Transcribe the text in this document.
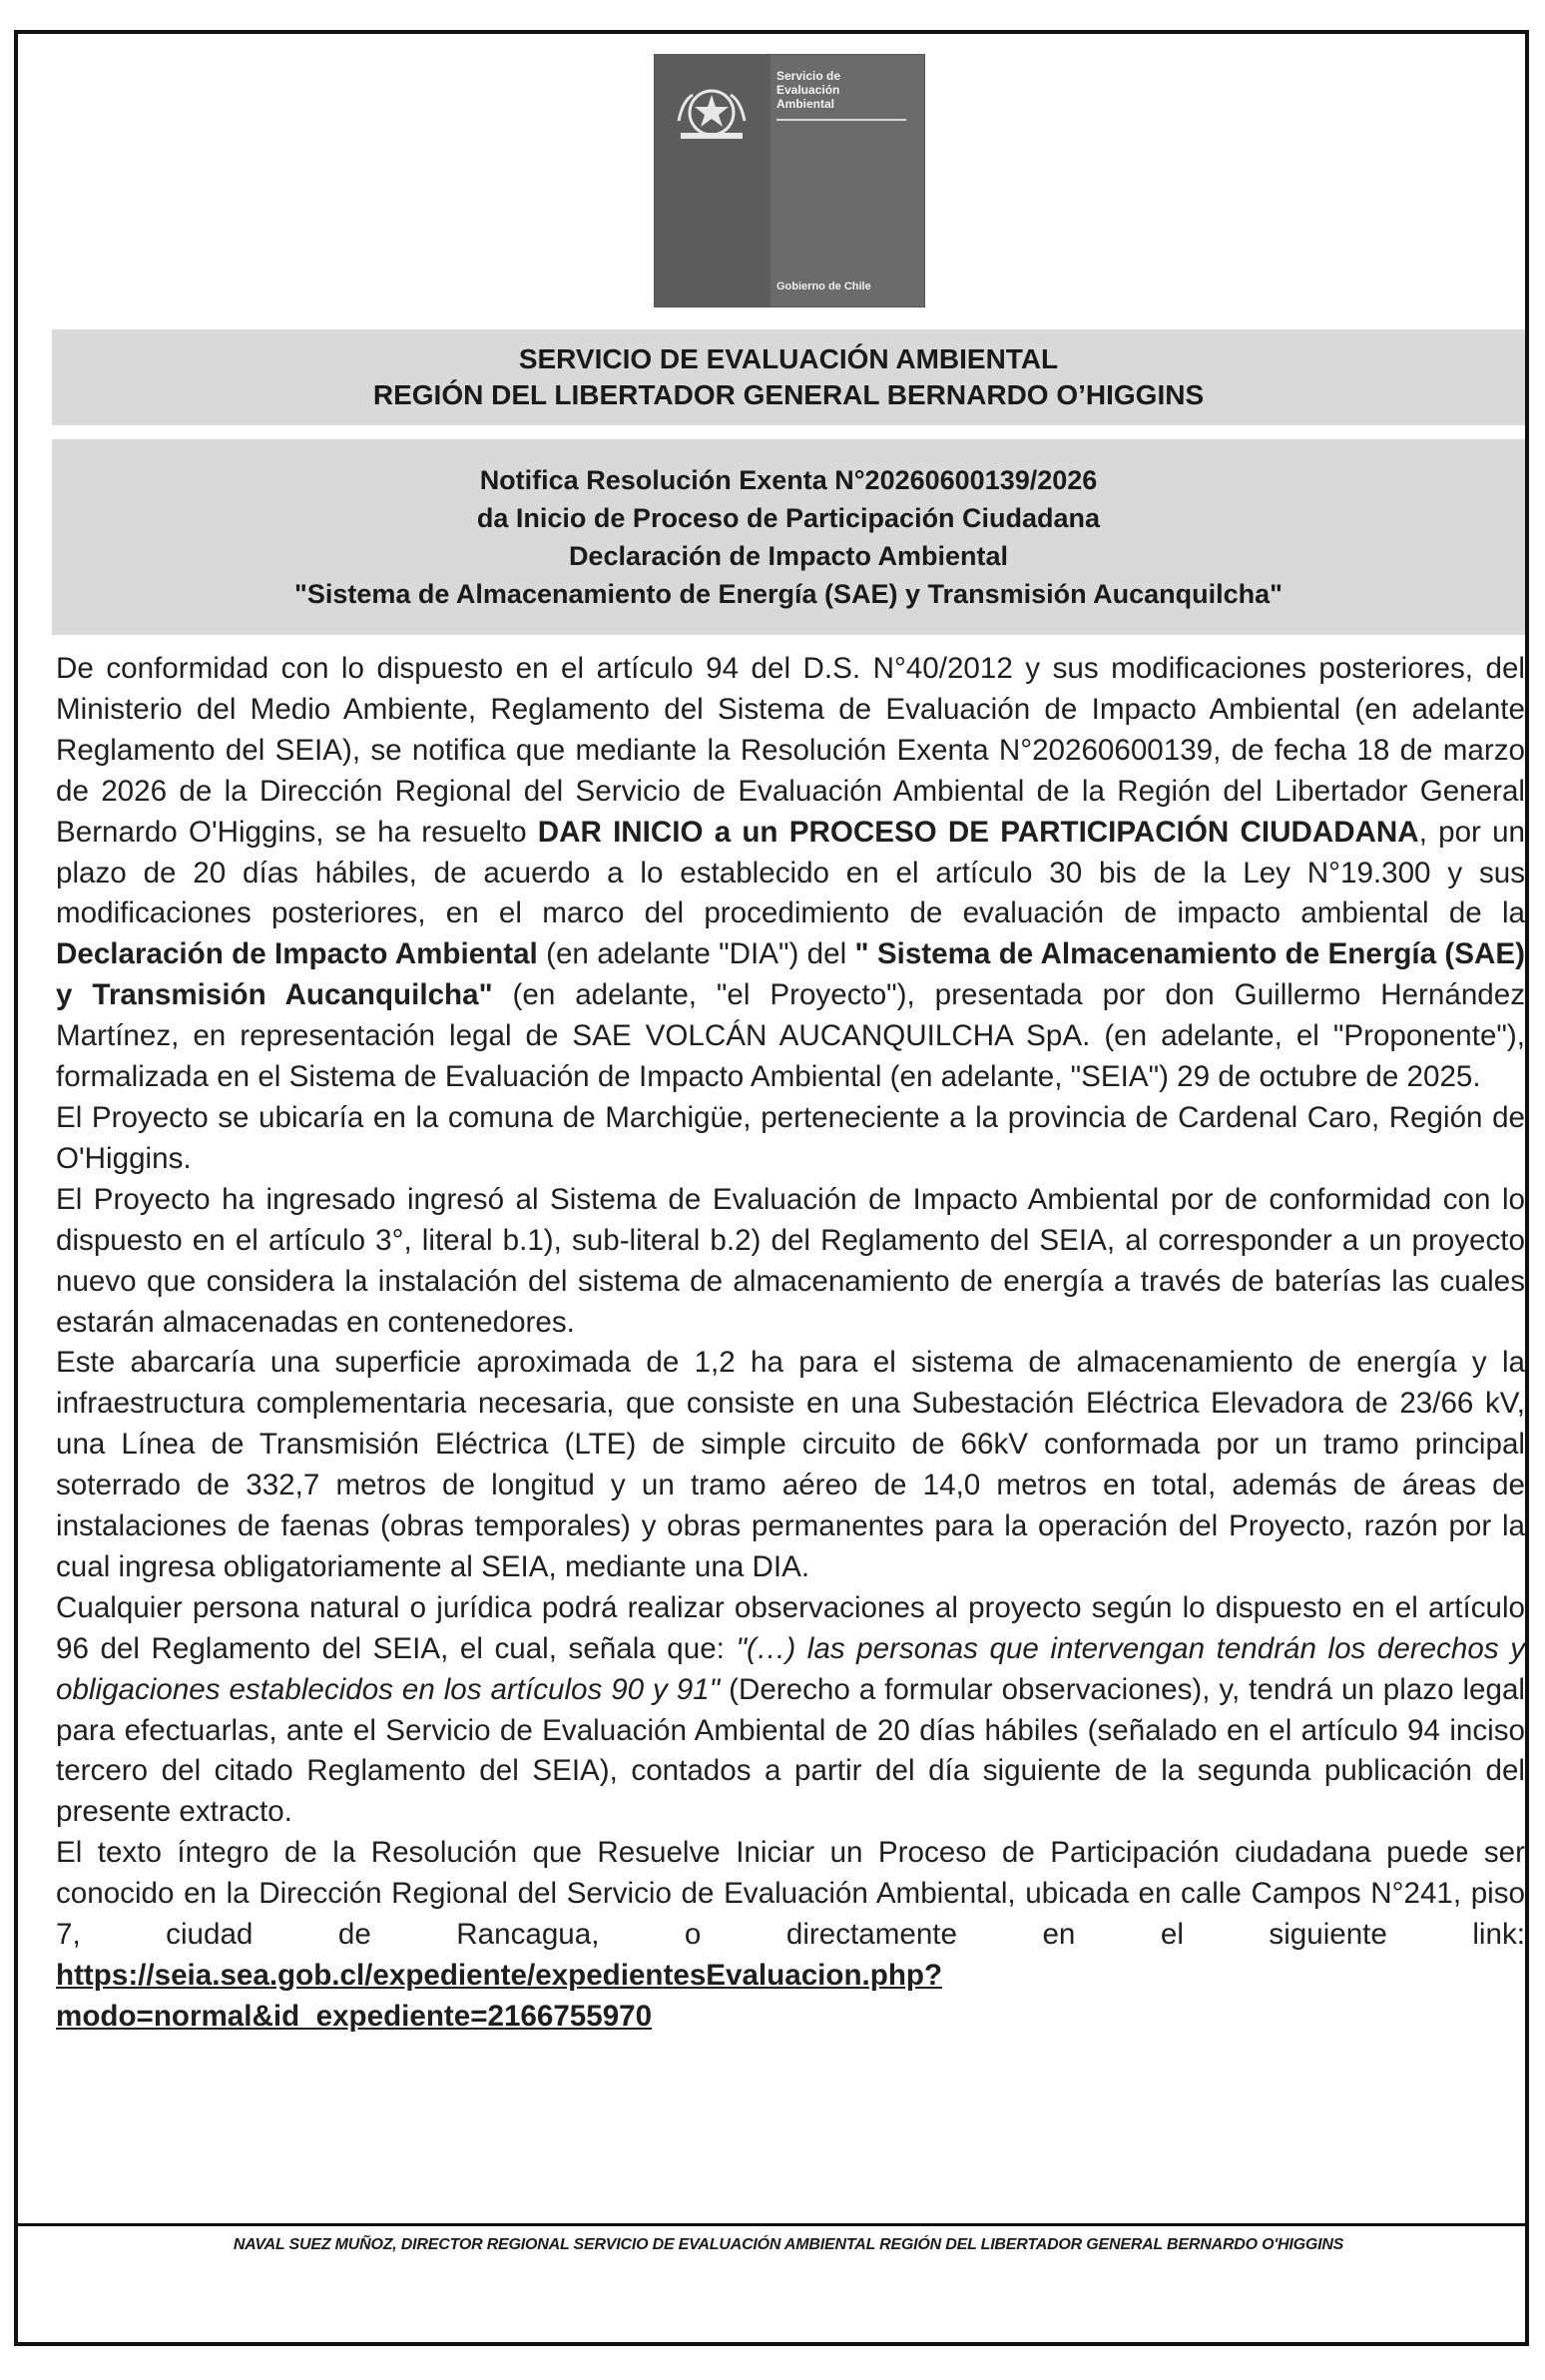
Servicio de
Evaluación
Ambiental
Gobierno de Chile
SERVICIO DE EVALUACIÓN AMBIENTAL
REGIÓN DEL LIBERTADOR GENERAL BERNARDO O’HIGGINS
Notifica Resolución Exenta N°20260600139/2026
da Inicio de Proceso de Participación Ciudadana
Declaración de Impacto Ambiental
"Sistema de Almacenamiento de Energía (SAE) y Transmisión Aucanquilcha"

De conformidad con lo dispuesto en el artículo 94 del D.S. N°40/2012 y sus modificaciones posteriores, del Ministerio del Medio Ambiente, Reglamento del Sistema de Evaluación de Impacto Ambiental (en adelante Reglamento del SEIA), se notifica que mediante la Resolución Exenta N°20260600139, de fecha 18 de marzo de 2026 de la Dirección Regional del Servicio de Evaluación Ambiental de la Región del Libertador General Bernardo O'Higgins, se ha resuelto DAR INICIO a un PROCESO DE PARTICIPACIÓN CIUDADANA, por un plazo de 20 días hábiles, de acuerdo a lo establecido en el artículo 30 bis de la Ley N°19.300 y sus modificaciones posteriores, en el marco del procedimiento de evaluación de impacto ambiental de la Declaración de Impacto Ambiental (en adelante "DIA") del " Sistema de Almacenamiento de Energía (SAE) y Transmisión Aucanquilcha" (en adelante, "el Proyecto"), presentada por don Guillermo Hernández Martínez, en representación legal de SAE VOLCÁN AUCANQUILCHA SpA. (en adelante, el "Proponente"), formalizada en el Sistema de Evaluación de Impacto Ambiental (en adelante, "SEIA") 29 de octubre de 2025.

El Proyecto se ubicaría en la comuna de Marchigüe, perteneciente a la provincia de Cardenal Caro, Región de O'Higgins.

El Proyecto ha ingresado ingresó al Sistema de Evaluación de Impacto Ambiental por de conformidad con lo dispuesto en el artículo 3°, literal b.1), sub-literal b.2) del Reglamento del SEIA, al corresponder a un proyecto nuevo que considera la instalación del sistema de almacenamiento de energía a través de baterías las cuales estarán almacenadas en contenedores.

Este abarcaría una superficie aproximada de 1,2 ha para el sistema de almacenamiento de energía y la infraestructura complementaria necesaria, que consiste en una Subestación Eléctrica Elevadora de 23/66 kV, una Línea de Transmisión Eléctrica (LTE) de simple circuito de 66kV conformada por un tramo principal soterrado de 332,7 metros de longitud y un tramo aéreo de 14,0 metros en total, además de áreas de instalaciones de faenas (obras temporales) y obras permanentes para la operación del Proyecto, razón por la cual ingresa obligatoriamente al SEIA, mediante una DIA.

Cualquier persona natural o jurídica podrá realizar observaciones al proyecto según lo dispuesto en el artículo 96 del Reglamento del SEIA, el cual, señala que: "(…) las personas que intervengan tendrán los derechos y obligaciones establecidos en los artículos 90 y 91" (Derecho a formular observaciones), y, tendrá un plazo legal para efectuarlas, ante el Servicio de Evaluación Ambiental de 20 días hábiles (señalado en el artículo 94 inciso tercero del citado Reglamento del SEIA), contados a partir del día siguiente de la segunda publicación del presente extracto.

El texto íntegro de la Resolución que Resuelve Iniciar un Proceso de Participación ciudadana puede ser conocido en la Dirección Regional del Servicio de Evaluación Ambiental, ubicada en calle Campos N°241, piso 7, ciudad de Rancagua, o directamente en el siguiente link: https://seia.sea.gob.cl/expediente/expedientesEvaluacion.php?modo=normal&id_expediente=2166755970

NAVAL SUEZ MUÑOZ, DIRECTOR REGIONAL SERVICIO DE EVALUACIÓN AMBIENTAL REGIÓN DEL LIBERTADOR GENERAL BERNARDO O'HIGGINS
